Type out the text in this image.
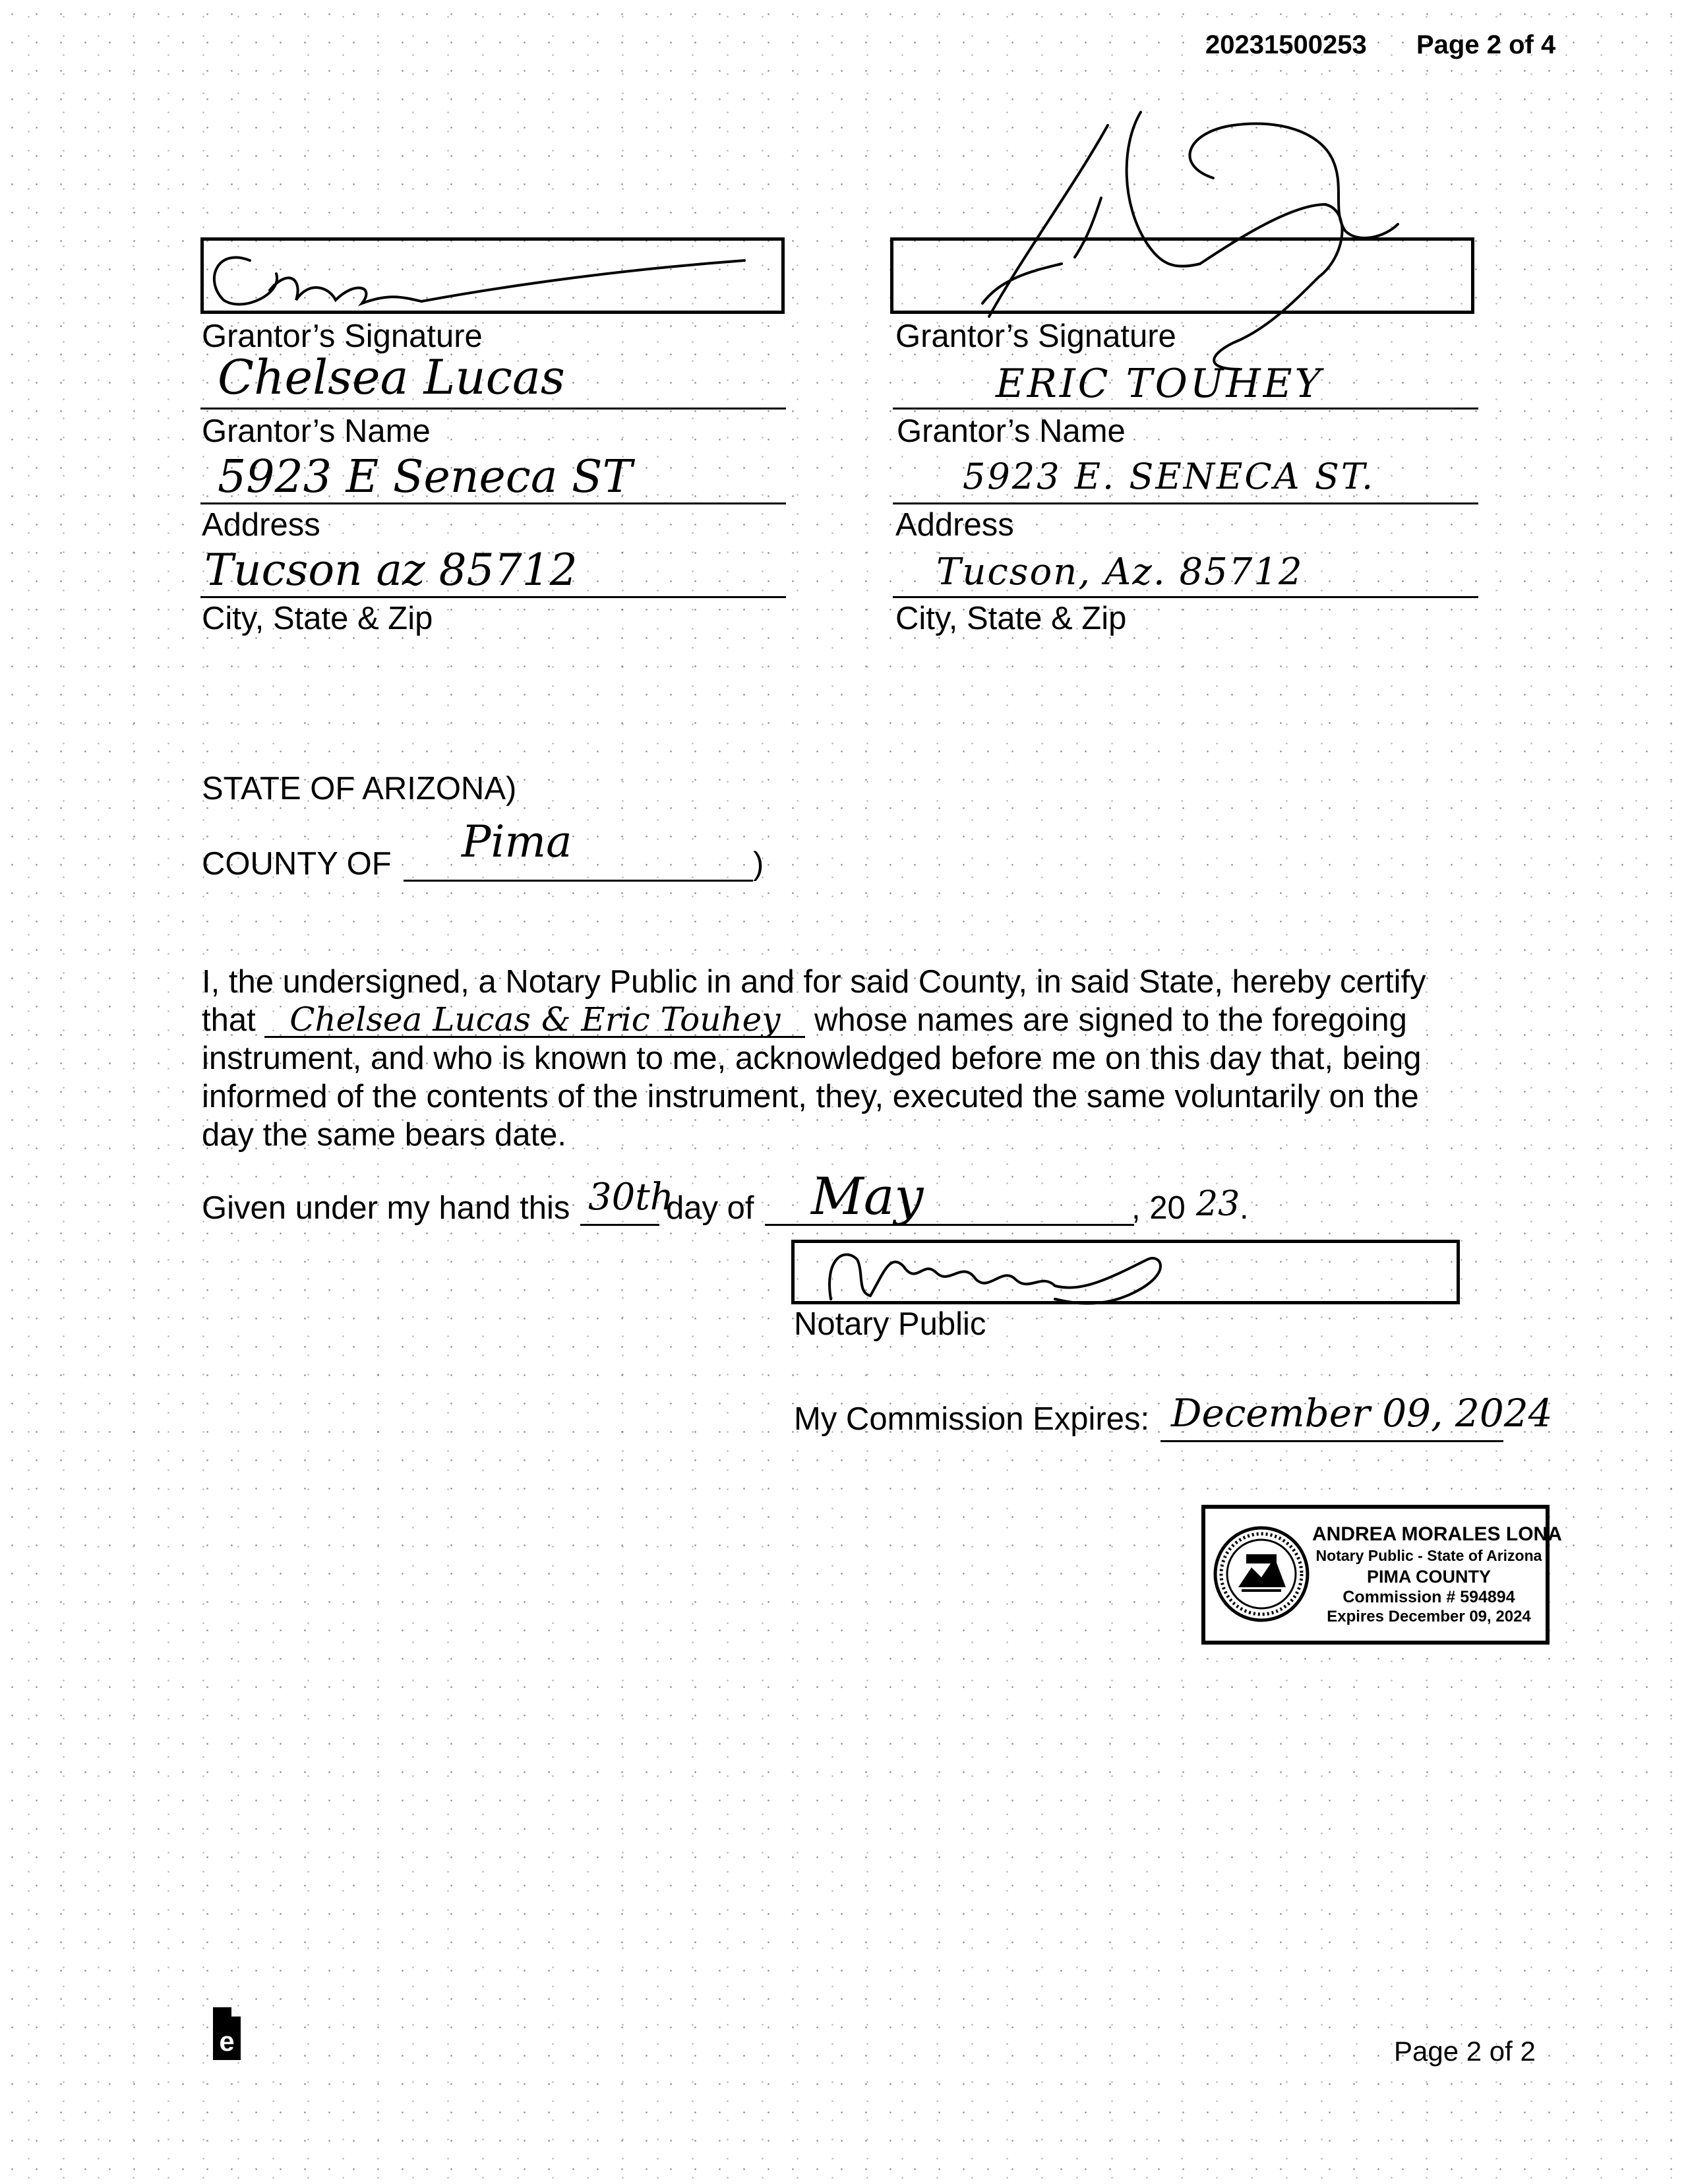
20231500253 Page 2 of 4
Grantor’s Signature
Chelsea Lucas
Grantor’s Name
5923 E Seneca ST
Address
Tucson az 85712
City, State & Zip
Grantor’s Signature
ERIC TOUHEY
Grantor’s Name
5923 E. SENECA ST.
Address
Tucson, Az. 85712
City, State & Zip
STATE OF ARIZONA)
COUNTY OF Pima	)
I, the undersigned, a Notary Public in and for said County, in said State, hereby certify
that Chelsea Lucas & Eric Touhey whose names are signed to the foregoing
instrument, and who is known to me, acknowledged before me on this day that, being
informed of the contents of the instrument, they, executed the same voluntarily on the
day the same bears date.
Given under my hand this 30th
day of May	, 20 23 .
Notary Public
My Commission Expires: December 09, 2024
ANDREA MORALES LONA
Notary Public - State of Arizona
PIMA COUNTY
Commission # 594894
Expires December 09, 2024
e	Page 2 of 2
